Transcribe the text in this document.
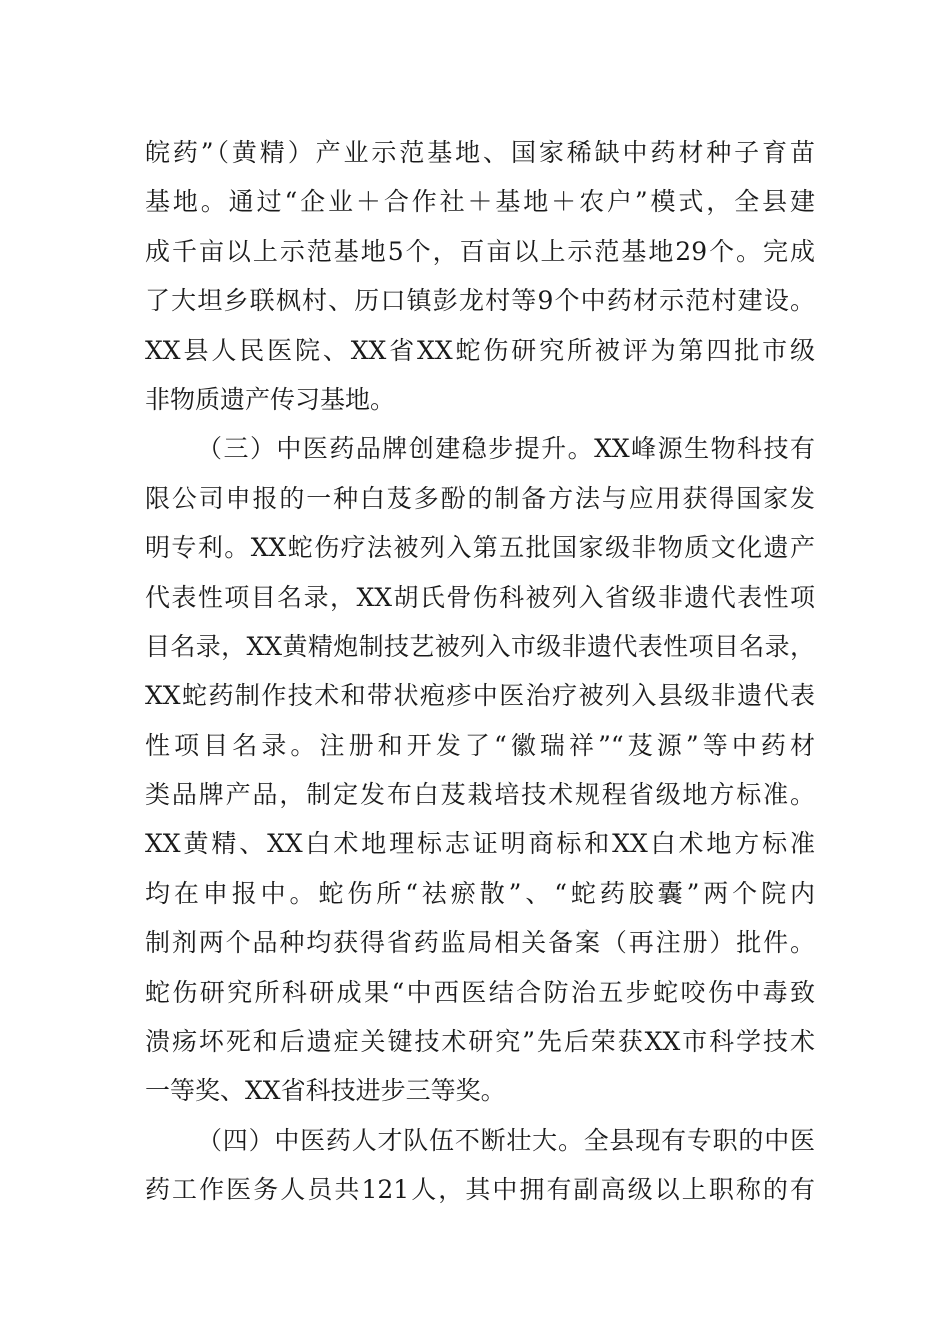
皖药”（黄精）产业示范基地、国家稀缺中药材种子育苗
基地。通过“企业＋合作社＋基地＋农户”模式，全县建
成千亩以上示范基地5个，百亩以上示范基地29个。完成
了大坦乡联枫村、历口镇彭龙村等9个中药材示范村建设。
XX县人民医院、XX省XX蛇伤研究所被评为第四批市级
非物质遗产传习基地。
（三）中医药品牌创建稳步提升。XX峰源生物科技有
限公司申报的一种白芨多酚的制备方法与应用获得国家发
明专利。XX蛇伤疗法被列入第五批国家级非物质文化遗产
代表性项目名录，XX胡氏骨伤科被列入省级非遗代表性项
目名录，XX黄精炮制技艺被列入市级非遗代表性项目名录，
XX蛇药制作技术和带状疱疹中医治疗被列入县级非遗代表
性项目名录。注册和开发了“徽瑞祥”“芨源”等中药材
类品牌产品，制定发布白芨栽培技术规程省级地方标准。
XX黄精、XX白术地理标志证明商标和XX白术地方标准
均在申报中。蛇伤所“祛瘀散”、“蛇药胶囊”两个院内
制剂两个品种均获得省药监局相关备案（再注册）批件。
蛇伤研究所科研成果“中西医结合防治五步蛇咬伤中毒致
溃疡坏死和后遗症关键技术研究”先后荣获XX市科学技术
一等奖、XX省科技进步三等奖。
（四）中医药人才队伍不断壮大。全县现有专职的中医
药工作医务人员共121人，其中拥有副高级以上职称的有
